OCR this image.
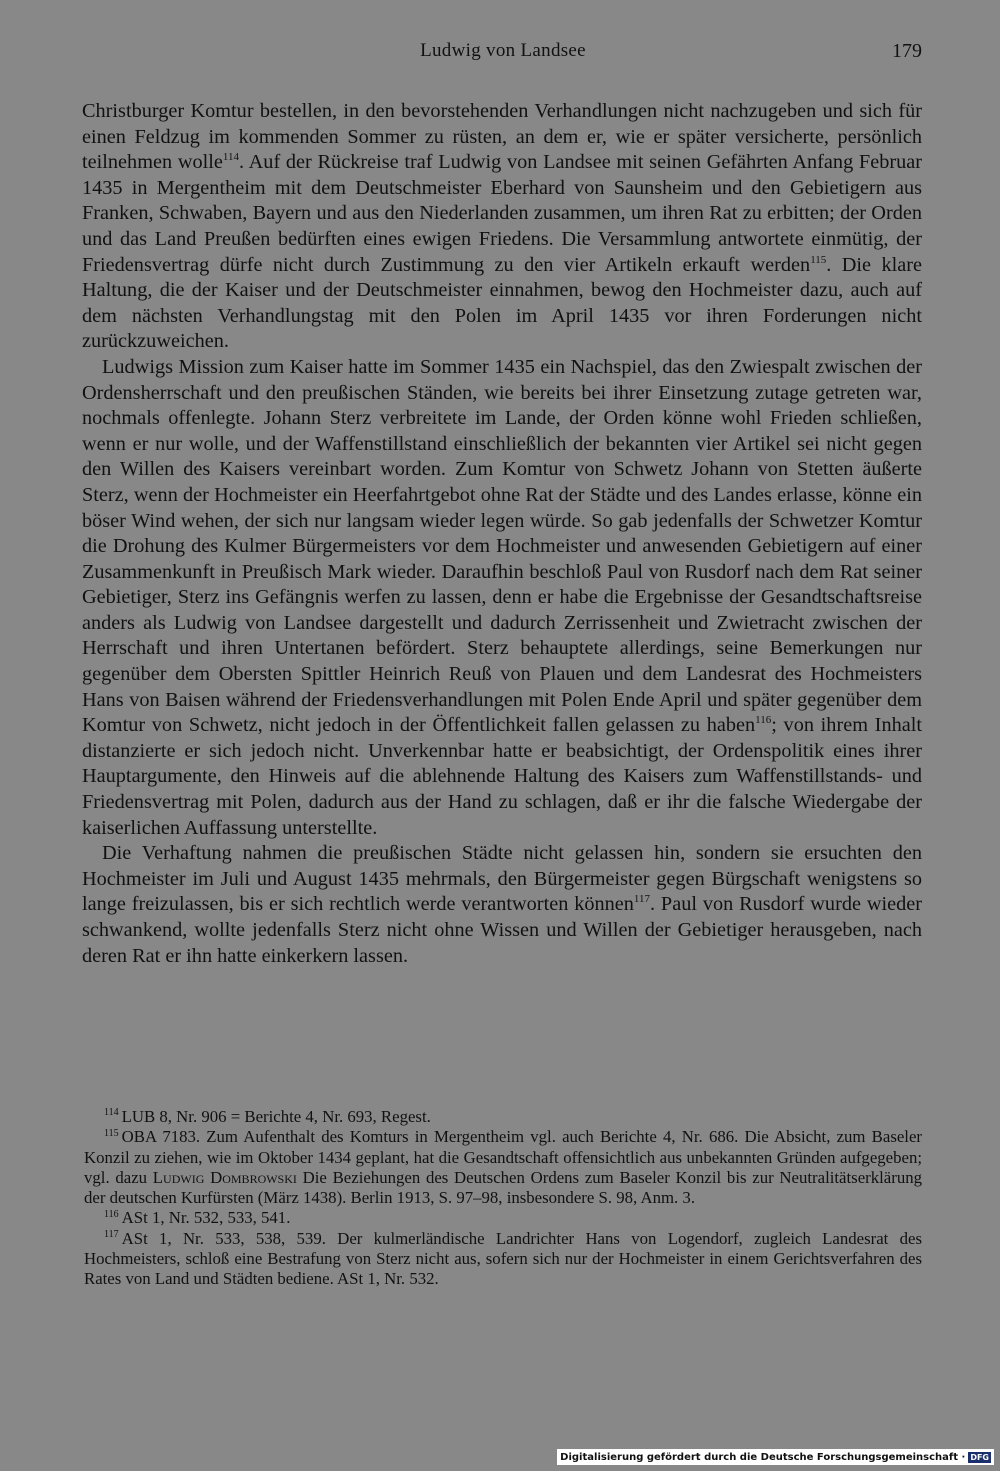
Ludwig von Landsee	179

Christburger Komtur bestellen, in den bevorstehenden Verhandlungen nicht nachzugeben und sich für einen Feldzug im kommenden Sommer zu rüsten, an dem er, wie er später versicherte, persönlich teilnehmen wolle$^{114}$. Auf der Rückreise traf Ludwig von Landsee mit seinen Gefährten Anfang Februar 1435 in Mergentheim mit dem Deutschmeister Eberhard von Saunsheim und den Gebietigern aus Franken, Schwaben, Bayern und aus den Niederlanden zusammen, um ihren Rat zu erbitten; der Orden und das Land Preußen bedürften eines ewigen Friedens. Die Versammlung antwortete einmütig, der Friedensvertrag dürfe nicht durch Zustimmung zu den vier Artikeln erkauft werden$^{115}$. Die klare Haltung, die der Kaiser und der Deutschmeister einnahmen, bewog den Hochmeister dazu, auch auf dem nächsten Verhandlungstag mit den Polen im April 1435 vor ihren Forderungen nicht zurückzuweichen.

Ludwigs Mission zum Kaiser hatte im Sommer 1435 ein Nachspiel, das den Zwiespalt zwischen der Ordensherrschaft und den preußischen Ständen, wie bereits bei ihrer Einsetzung zutage getreten war, nochmals offenlegte. Johann Sterz verbreitete im Lande, der Orden könne wohl Frieden schließen, wenn er nur wolle, und der Waffenstillstand einschließlich der bekannten vier Artikel sei nicht gegen den Willen des Kaisers vereinbart worden. Zum Komtur von Schwetz Johann von Stetten äußerte Sterz, wenn der Hochmeister ein Heerfahrtgebot ohne Rat der Städte und des Landes erlasse, könne ein böser Wind wehen, der sich nur langsam wieder legen würde. So gab jedenfalls der Schwetzer Komtur die Drohung des Kulmer Bürgermeisters vor dem Hochmeister und anwesenden Gebietigern auf einer Zusammenkunft in Preußisch Mark wieder. Daraufhin beschloß Paul von Rusdorf nach dem Rat seiner Gebietiger, Sterz ins Gefängnis werfen zu lassen, denn er habe die Ergebnisse der Gesandtschaftsreise anders als Ludwig von Landsee dargestellt und dadurch Zerrissenheit und Zwietracht zwischen der Herrschaft und ihren Untertanen befördert. Sterz behauptete allerdings, seine Bemerkungen nur gegenüber dem Obersten Spittler Heinrich Reuß von Plauen und dem Landesrat des Hochmeisters Hans von Baisen während der Friedensverhandlungen mit Polen Ende April und später gegenüber dem Komtur von Schwetz, nicht jedoch in der Öffentlichkeit fallen gelassen zu haben$^{116}$; von ihrem Inhalt distanzierte er sich jedoch nicht. Unverkennbar hatte er beabsichtigt, der Ordenspolitik eines ihrer Hauptargumente, den Hinweis auf die ablehnende Haltung des Kaisers zum Waffenstillstands- und Friedensvertrag mit Polen, dadurch aus der Hand zu schlagen, daß er ihr die falsche Wiedergabe der kaiserlichen Auffassung unterstellte.

Die Verhaftung nahmen die preußischen Städte nicht gelassen hin, sondern sie ersuchten den Hochmeister im Juli und August 1435 mehrmals, den Bürgermeister gegen Bürgschaft wenigstens so lange freizulassen, bis er sich rechtlich werde verantworten können$^{117}$. Paul von Rusdorf wurde wieder schwankend, wollte jedenfalls Sterz nicht ohne Wissen und Willen der Gebietiger herausgeben, nach deren Rat er ihn hatte einkerkern lassen.

$^{114}$ LUB 8, Nr. 906 = Berichte 4, Nr. 693, Regest.

$^{115}$ OBA 7183. Zum Aufenthalt des Komturs in Mergentheim vgl. auch Berichte 4, Nr. 686. Die Absicht, zum Baseler Konzil zu ziehen, wie im Oktober 1434 geplant, hat die Gesandtschaft offensichtlich aus unbekannten Gründen aufgegeben; vgl. dazu Ludwig Dombrowski Die Beziehungen des Deutschen Ordens zum Baseler Konzil bis zur Neutralitätserklärung der deutschen Kurfürsten (März 1438). Berlin 1913, S. 97–98, insbesondere S. 98, Anm. 3.

$^{116}$ ASt 1, Nr. 532, 533, 541.

$^{117}$ ASt 1, Nr. 533, 538, 539. Der kulmerländische Landrichter Hans von Logendorf, zugleich Landesrat des Hochmeisters, schloß eine Bestrafung von Sterz nicht aus, sofern sich nur der Hochmeister in einem Gerichtsverfahren des Rates von Land und Städten bediene. ASt 1, Nr. 532.

Digitalisierung gefördert durch die Deutsche Forschungsgemeinschaft · DFG
